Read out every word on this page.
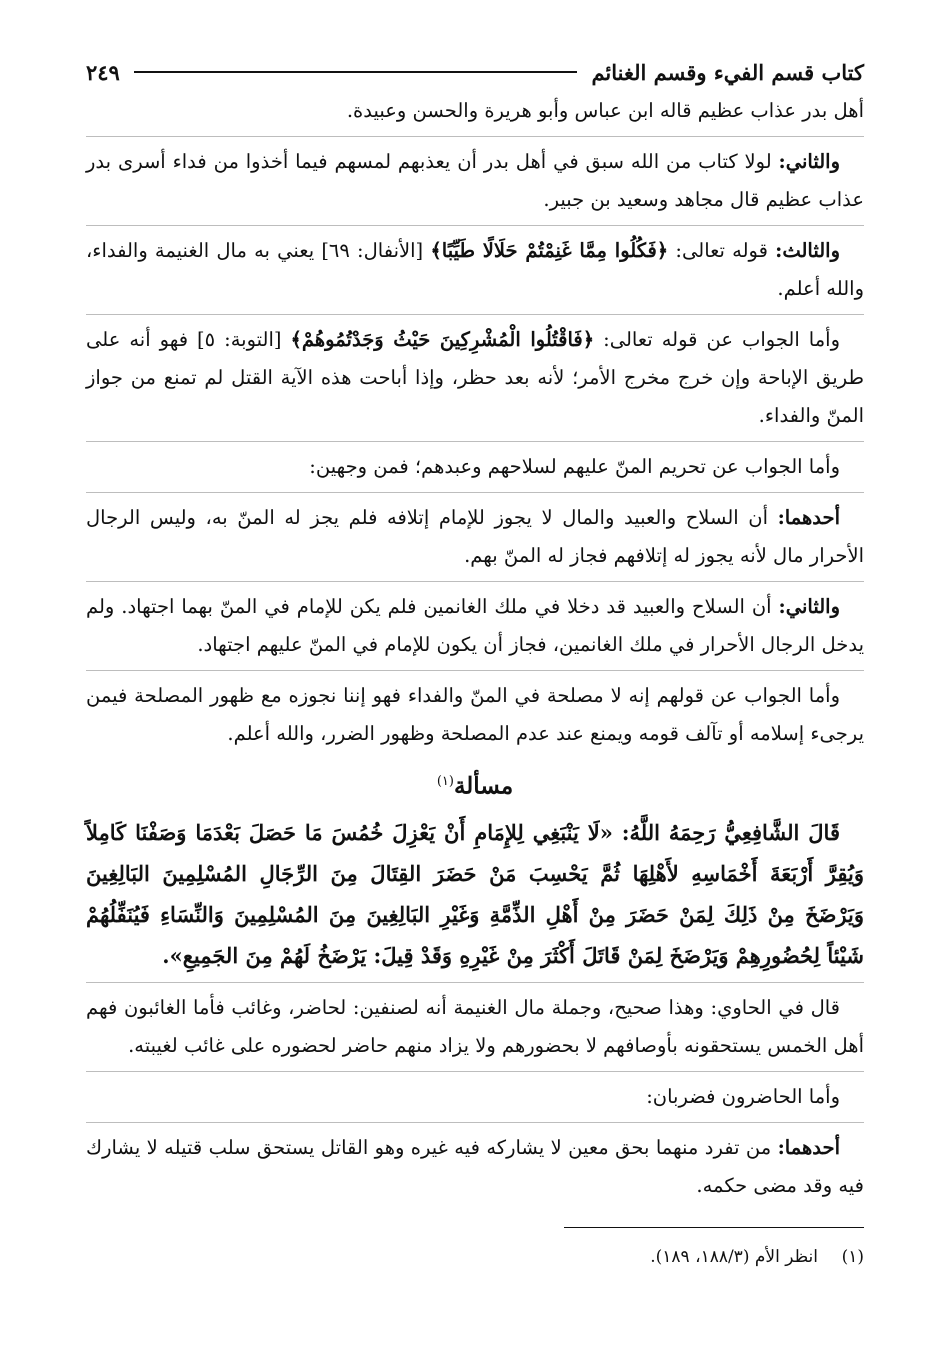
كتاب قسم الفيء وقسم الغنائم
٢٤٩

أهل بدر عذاب عظيم قاله ابن عباس وأبو هريرة والحسن وعبيدة.

والثاني: لولا كتاب من الله سبق في أهل بدر أن يعذبهم لمسهم فيما أخذوا من فداء أسرى بدر عذاب عظيم قال مجاهد وسعيد بن جبير.

والثالث: قوله تعالى: ﴿فَكُلُوا مِمَّا غَنِمْتُمْ حَلَالًا طَيِّبًا﴾ [الأنفال: ٦٩] يعني به مال الغنيمة والفداء، والله أعلم.

وأما الجواب عن قوله تعالى: ﴿فَاقْتُلُوا الْمُشْرِكِينَ حَيْثُ وَجَدْتُمُوهُمْ﴾ [التوبة: ٥] فهو أنه على طريق الإباحة وإن خرج مخرج الأمر؛ لأنه بعد حظر، وإذا أباحت هذه الآية القتل لم تمنع من جواز المنّ والفداء.

وأما الجواب عن تحريم المنّ عليهم لسلاحهم وعبدهم؛ فمن وجهين:

أحدهما: أن السلاح والعبيد والمال لا يجوز للإمام إتلافه فلم يجز له المنّ به، وليس الرجال الأحرار مال لأنه يجوز له إتلافهم فجاز له المنّ بهم.

والثاني: أن السلاح والعبيد قد دخلا في ملك الغانمين فلم يكن للإمام في المنّ بهما اجتهاد. ولم يدخل الرجال الأحرار في ملك الغانمين، فجاز أن يكون للإمام في المنّ عليهم اجتهاد.

وأما الجواب عن قولهم إنه لا مصلحة في المنّ والفداء فهو إننا نجوزه مع ظهور المصلحة فيمن يرجىء إسلامه أو تآلف قومه ويمنع عند عدم المصلحة وظهور الضرر، والله أعلم.

مسألة$^{(١)}$

قَالَ الشَّافِعِيُّ رَحِمَهُ اللَّهُ: «لَا يَنْبَغِي لِلإِمَامِ أَنْ يَعْزِلَ خُمُسَ مَا حَصَلَ بَعْدَمَا وَصَفْنَا كَامِلاً وَيُقِرَّ أَرْبَعَةَ أَخْمَاسِهِ لأَهْلِهَا ثُمَّ يَحْسِبَ مَنْ حَضَرَ القِتَالَ مِنَ الرِّجَالِ المُسْلِمِينَ البَالِغِينَ وَيَرْضَخَ مِنْ ذَلِكَ لِمَنْ حَضَرَ مِنْ أَهْلِ الذِّمَّةِ وَغَيْرِ البَالِغِينَ مِنَ المُسْلِمِينَ وَالنِّسَاءِ فَيُنَفِّلُهُمْ شَيْئاً لِحُضُورِهِمْ وَيَرْضَخَ لِمَنْ قَاتَلَ أَكْثَرَ مِنْ غَيْرِهِ وَقَدْ قِيلَ: يَرْضَخُ لَهُمْ مِنَ الجَمِيعِ».

قال في الحاوي: وهذا صحيح، وجملة مال الغنيمة أنه لصنفين: لحاضر، وغائب فأما الغائبون فهم أهل الخمس يستحقونه بأوصافهم لا بحضورهم ولا يزاد منهم حاضر لحضوره على غائب لغيبته.

وأما الحاضرون فضربان:

أحدهما: من تفرد منهما بحق معين لا يشاركه فيه غيره وهو القاتل يستحق سلب قتيله لا يشارك فيه وقد مضى حكمه.

(١)انظر الأم (١٨٨/٣، ١٨٩).
